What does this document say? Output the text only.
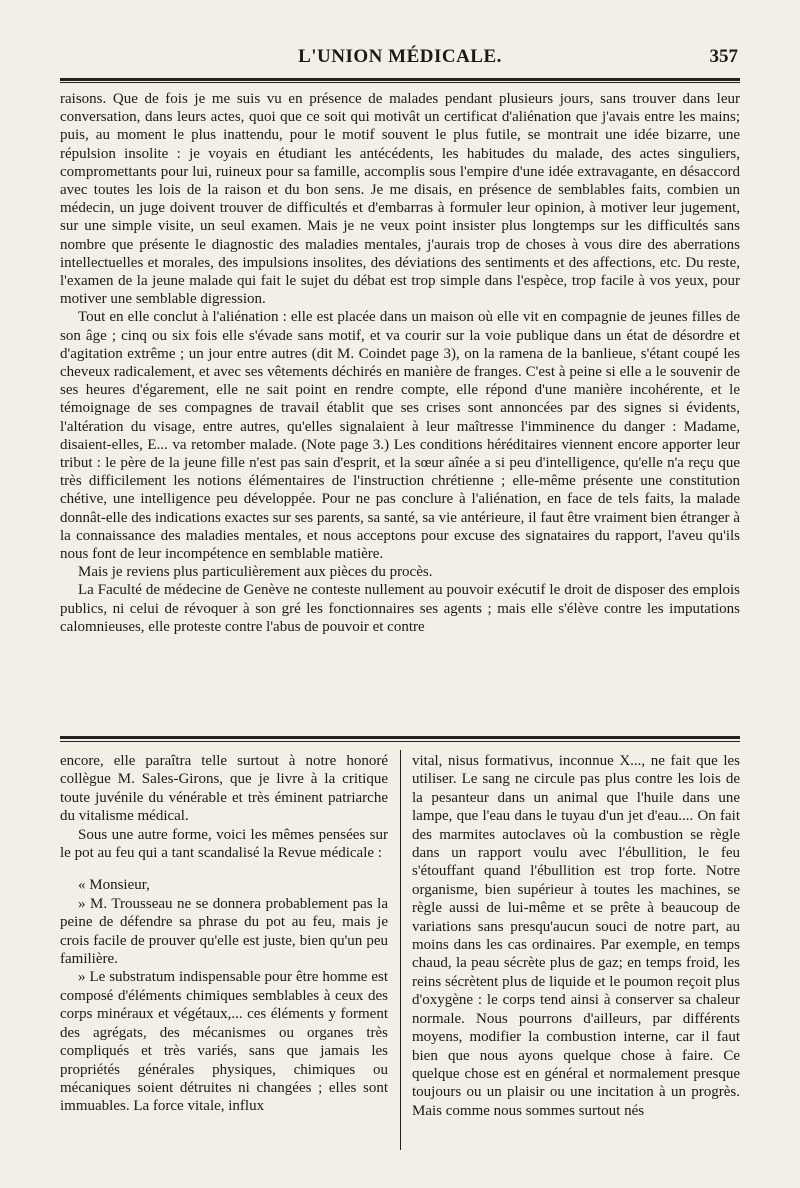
L'UNION MÉDICALE.	357

raisons. Que de fois je me suis vu en présence de malades pendant plusieurs jours, sans trouver dans leur conversation, dans leurs actes, quoi que ce soit qui motivât un certificat d'aliénation que j'avais entre les mains; puis, au moment le plus inattendu, pour le motif souvent le plus futile, se montrait une idée bizarre, une répulsion insolite : je voyais en étudiant les antécédents, les habitudes du malade, des actes singuliers, compromettants pour lui, ruineux pour sa famille, accomplis sous l'empire d'une idée extravagante, en désaccord avec toutes les lois de la raison et du bon sens. Je me disais, en présence de semblables faits, combien un médecin, un juge doivent trouver de difficultés et d'embarras à formuler leur opinion, à motiver leur jugement, sur une simple visite, un seul examen. Mais je ne veux point insister plus longtemps sur les difficultés sans nombre que présente le diagnostic des maladies mentales, j'aurais trop de choses à vous dire des aberrations intellectuelles et morales, des impulsions insolites, des déviations des sentiments et des affections, etc. Du reste, l'examen de la jeune malade qui fait le sujet du débat est trop simple dans l'espèce, trop facile à vos yeux, pour motiver une semblable digression.

Tout en elle conclut à l'aliénation : elle est placée dans un maison où elle vit en compagnie de jeunes filles de son âge ; cinq ou six fois elle s'évade sans motif, et va courir sur la voie publique dans un état de désordre et d'agitation extrême ; un jour entre autres (dit M. Coindet page 3), on la ramena de la banlieue, s'étant coupé les cheveux radicalement, et avec ses vêtements déchirés en manière de franges. C'est à peine si elle a le souvenir de ses heures d'égarement, elle ne sait point en rendre compte, elle répond d'une manière incohérente, et le témoignage de ses compagnes de travail établit que ses crises sont annoncées par des signes si évidents, l'altération du visage, entre autres, qu'elles signalaient à leur maîtresse l'imminence du danger : Madame, disaient-elles, E... va retomber malade. (Note page 3.) Les conditions héréditaires viennent encore apporter leur tribut : le père de la jeune fille n'est pas sain d'esprit, et la sœur aînée a si peu d'intelligence, qu'elle n'a reçu que très difficilement les notions élémentaires de l'instruction chrétienne ; elle-même présente une constitution chétive, une intelligence peu développée. Pour ne pas conclure à l'aliénation, en face de tels faits, la malade donnât-elle des indications exactes sur ses parents, sa santé, sa vie antérieure, il faut être vraiment bien étranger à la connaissance des maladies mentales, et nous acceptons pour excuse des signataires du rapport, l'aveu qu'ils nous font de leur incompétence en semblable matière.

Mais je reviens plus particulièrement aux pièces du procès.

La Faculté de médecine de Genève ne conteste nullement au pouvoir exécutif le droit de disposer des emplois publics, ni celui de révoquer à son gré les fonctionnaires ses agents ; mais elle s'élève contre les imputations calomnieuses, elle proteste contre l'abus de pouvoir et contre

encore, elle paraîtra telle surtout à notre honoré collègue M. Sales-Girons, que je livre à la critique toute juvénile du vénérable et très éminent patriarche du vitalisme médical.

Sous une autre forme, voici les mêmes pensées sur le pot au feu qui a tant scandalisé la Revue médicale :

« Monsieur,

» M. Trousseau ne se donnera probablement pas la peine de défendre sa phrase du pot au feu, mais je crois facile de prouver qu'elle est juste, bien qu'un peu familière.

» Le substratum indispensable pour être homme est composé d'éléments chimiques semblables à ceux des corps minéraux et végétaux,... ces éléments y forment des agrégats, des mécanismes ou organes très compliqués et très variés, sans que jamais les propriétés générales physiques, chimiques ou mécaniques soient détruites ni changées ; elles sont immuables. La force vitale, influx

vital, nisus formativus, inconnue X..., ne fait que les utiliser. Le sang ne circule pas plus contre les lois de la pesanteur dans un animal que l'huile dans une lampe, que l'eau dans le tuyau d'un jet d'eau.... On fait des marmites autoclaves où la combustion se règle dans un rapport voulu avec l'ébullition, le feu s'étouffant quand l'ébullition est trop forte. Notre organisme, bien supérieur à toutes les machines, se règle aussi de lui-même et se prête à beaucoup de variations sans presqu'aucun souci de notre part, au moins dans les cas ordinaires. Par exemple, en temps chaud, la peau sécrète plus de gaz; en temps froid, les reins sécrètent plus de liquide et le poumon reçoit plus d'oxygène : le corps tend ainsi à conserver sa chaleur normale. Nous pourrons d'ailleurs, par différents moyens, modifier la combustion interne, car il faut bien que nous ayons quelque chose à faire. Ce quelque chose est en général et normalement presque toujours ou un plaisir ou une incitation à un progrès. Mais comme nous sommes surtout nés
